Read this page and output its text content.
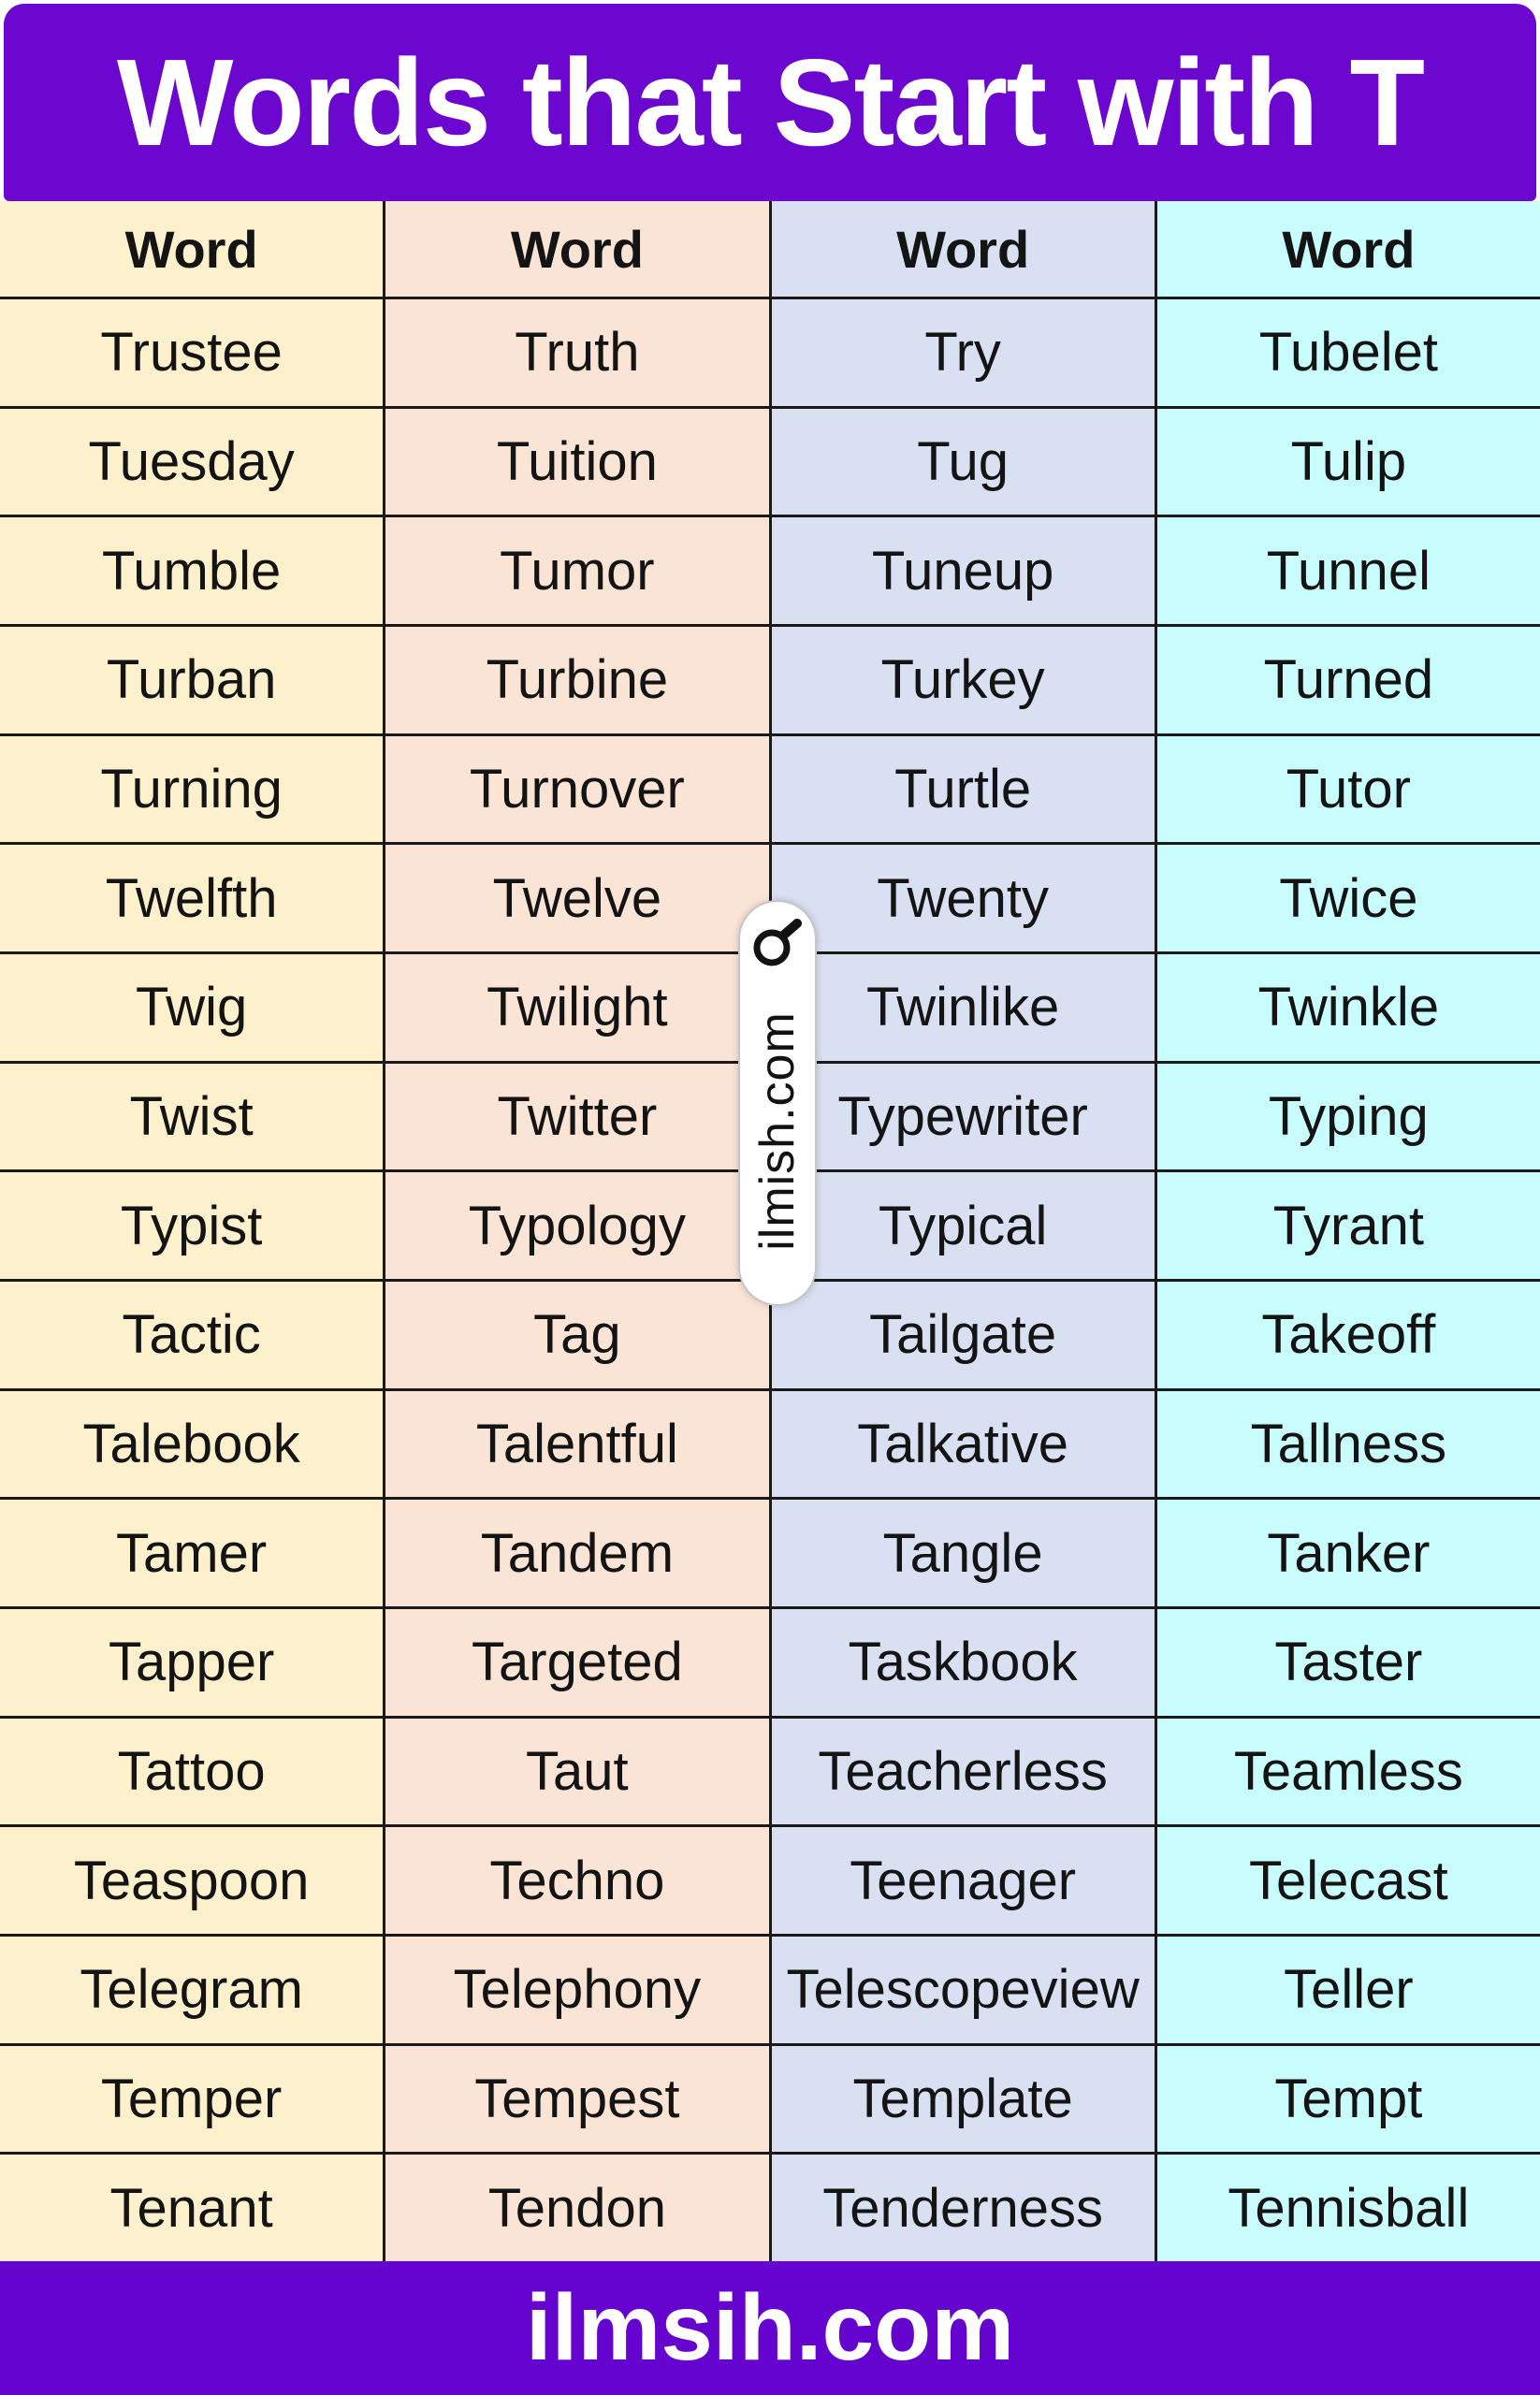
Words that Start with T
Word
Trustee
Tuesday
Tumble
Turban
Turning
Twelfth
Twig
Twist
Typist
Tactic
Talebook
Tamer
Tapper
Tattoo
Teaspoon
Telegram
Temper
Tenant
Word
Truth
Tuition
Tumor
Turbine
Turnover
Twelve
Twilight
Twitter
Typology
Tag
Talentful
Tandem
Targeted
Taut
Techno
Telephony
Tempest
Tendon
Word
Try
Tug
Tuneup
Turkey
Turtle
Twenty
Twinlike
Typewriter
Typical
Tailgate
Talkative
Tangle
Taskbook
Teacherless
Teenager
Telescopeview
Template
Tenderness
Word
Tubelet
Tulip
Tunnel
Turned
Tutor
Twice
Twinkle
Typing
Tyrant
Takeoff
Tallness
Tanker
Taster
Teamless
Telecast
Teller
Tempt
Tennisball
ilmish.com
ilmsih.com
